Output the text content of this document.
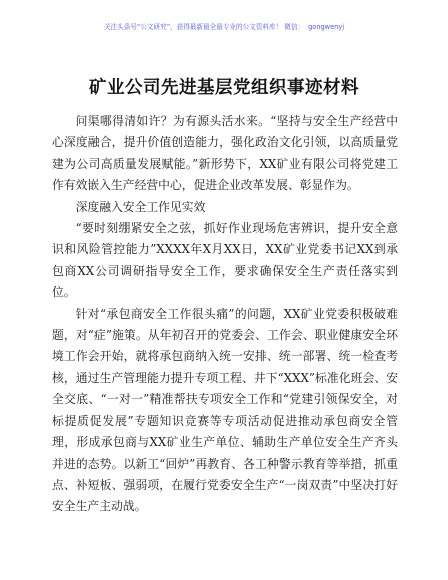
关注头条号“公文研究”，获得最新最全最专业的公文资料库！ 微信： gongwenyj
矿业公司先进基层党组织事迹材料

问渠哪得清如许？为有源头活水来。“坚持与安全生产经营中心深度融合，提升价值创造能力，强化政治文化引领，以高质量党建为公司高质量发展赋能。”新形势下，XX矿业有限公司将党建工作有效嵌入生产经营中心，促进企业改革发展、彰显作为。

深度融入安全工作见实效

“要时刻绷紧安全之弦，抓好作业现场危害辨识，提升安全意识和风险管控能力”XXXX年X月XX日，XX矿业党委书记XX到承包商XX公司调研指导安全工作，要求确保安全生产责任落实到位。

针对“承包商安全工作很头痛”的问题，XX矿业党委积极破难题，对“症”施策。从年初召开的党委会、工作会、职业健康安全环境工作会开始，就将承包商纳入统一安排、统一部署、统一检查考核，通过生产管理能力提升专项工程、井下“XXX”标准化班会、安全交底、“一对一”精准帮扶专项安全工作和“党建引领保安全，对标提质促发展”专题知识竞赛等专项活动促进推动承包商安全管理，形成承包商与XX矿业生产单位、辅助生产单位安全生产齐头并进的态势。以新工“回炉”再教育、各工种警示教育等举措，抓重点、补短板、强弱项，在履行党委安全生产“一岗双责”中坚决打好安全生产主动战。
